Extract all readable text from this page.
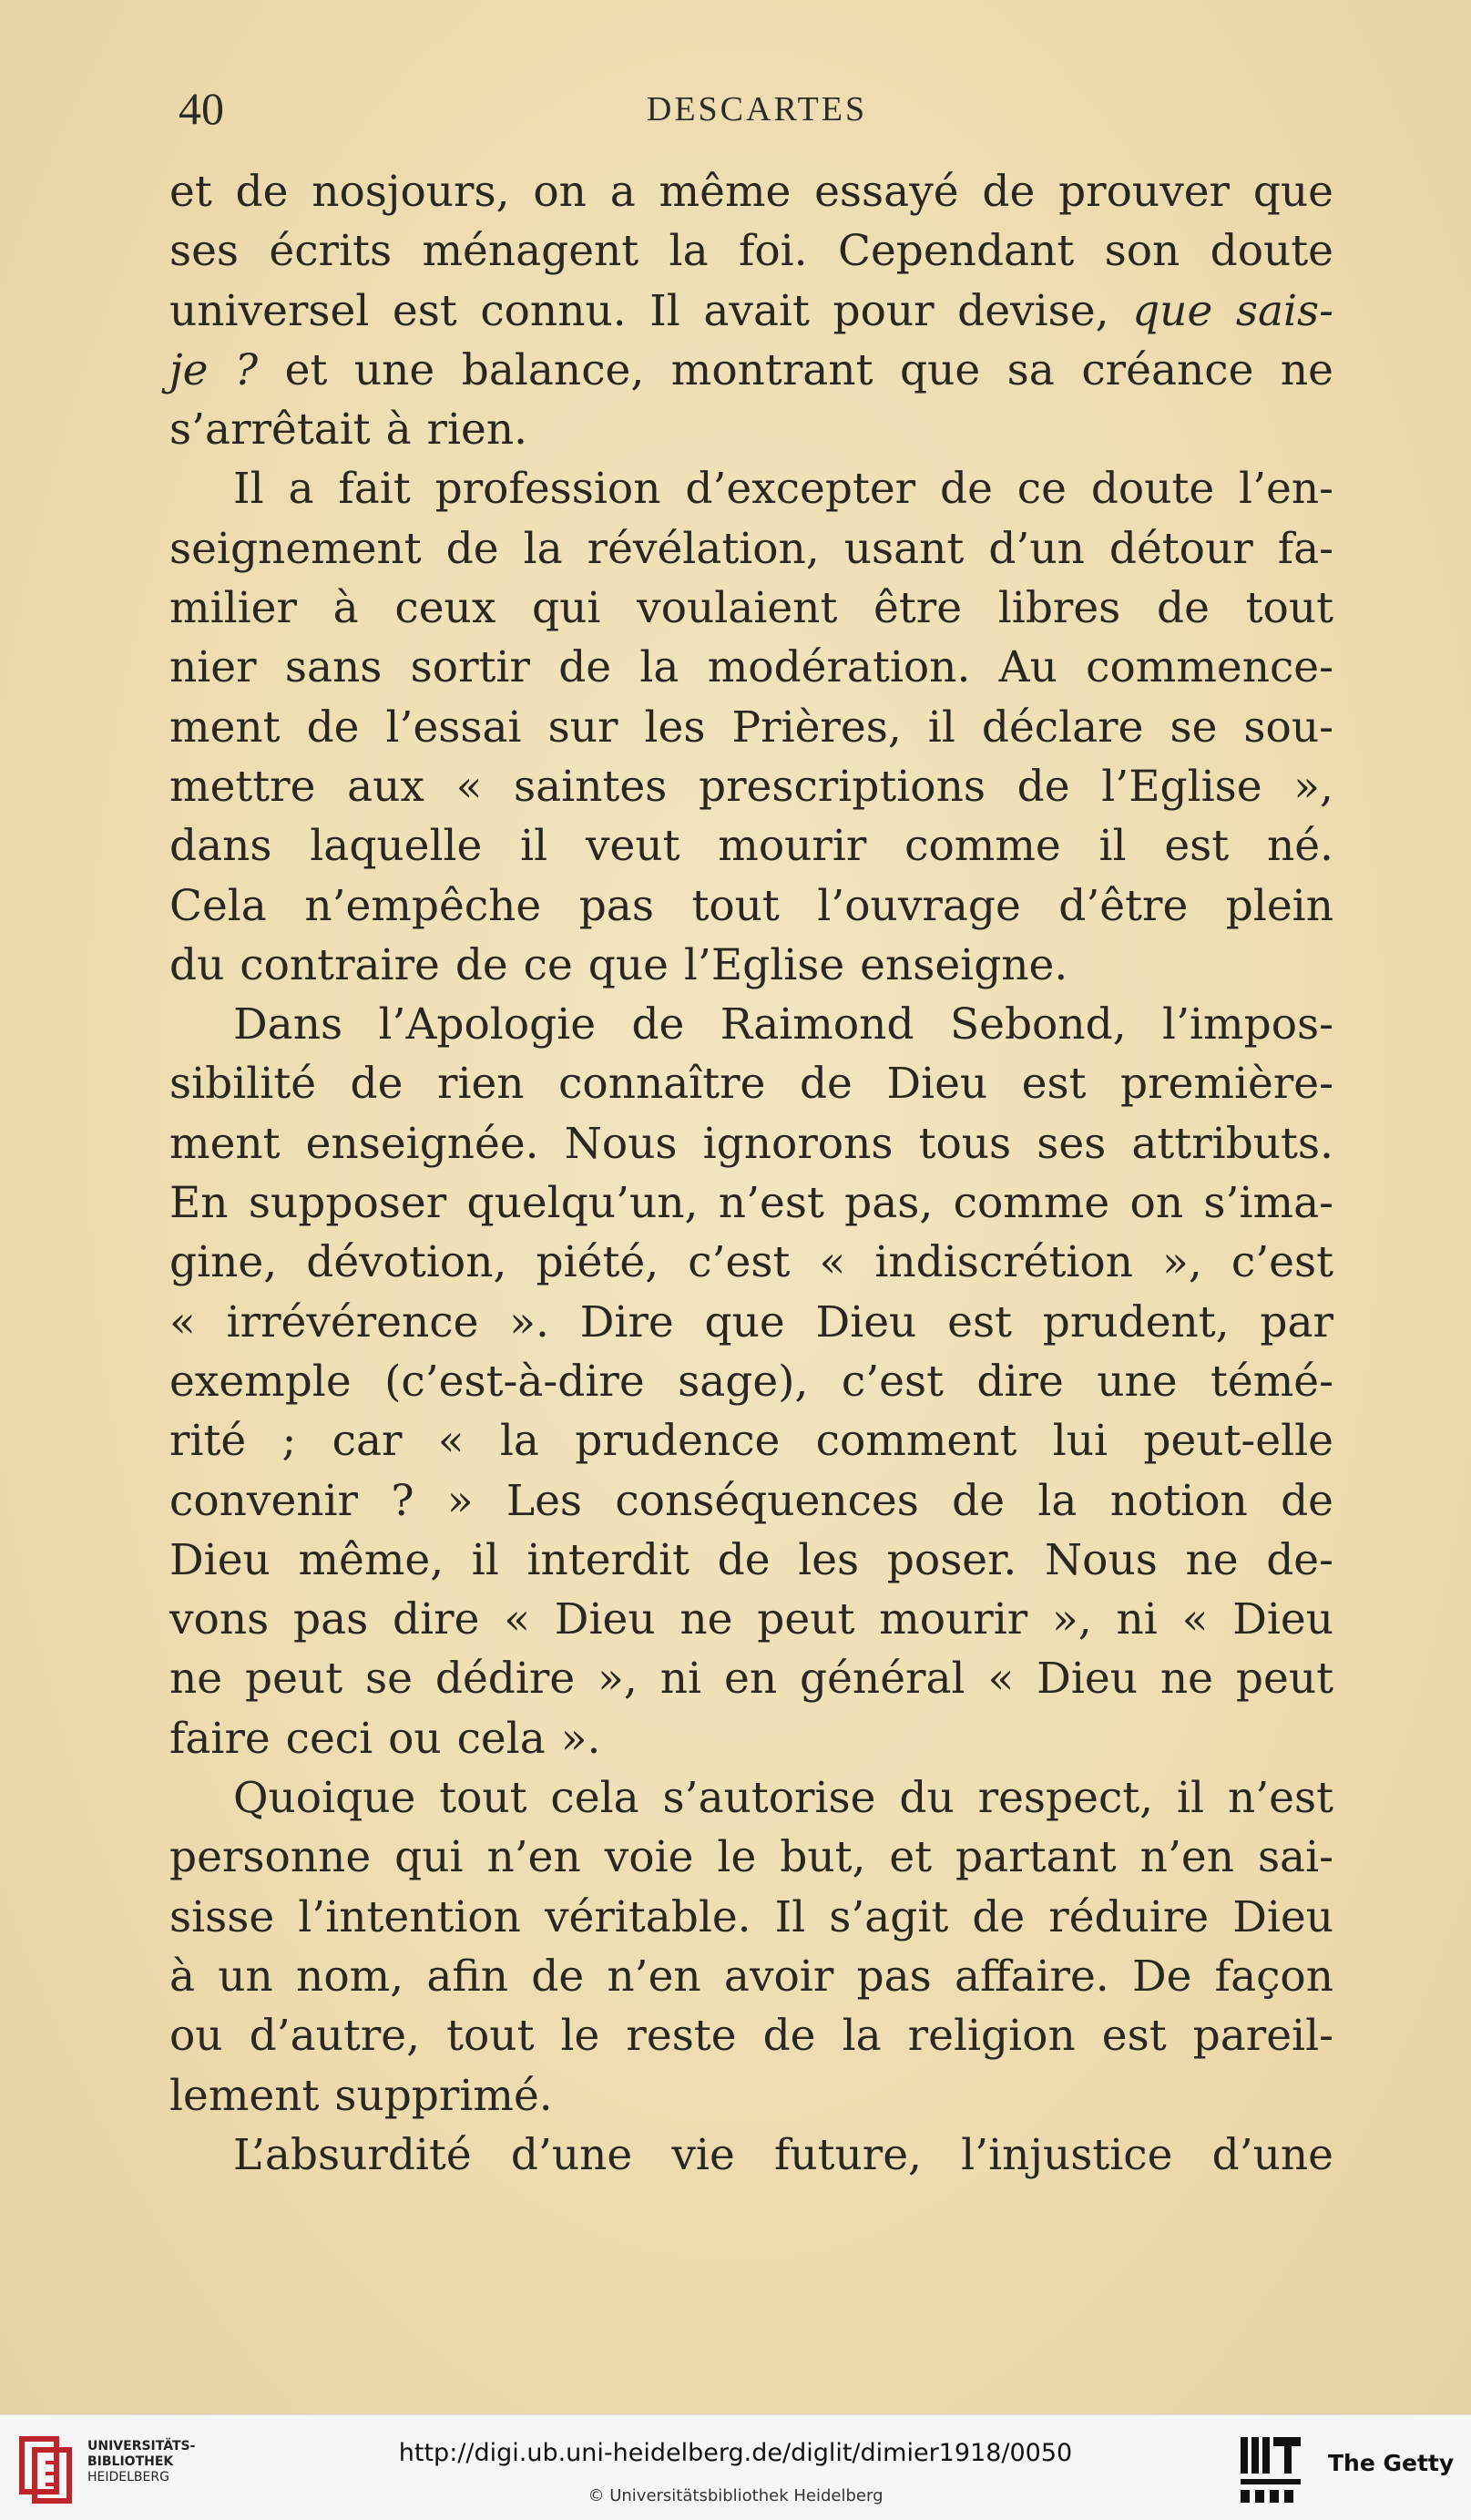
40	DESCARTES
et de nosjours, on a même essayé de prouver que
ses écrits ménagent la foi. Cependant son doute
universel est connu. Il avait pour devise, que sais-
je ? et une balance, montrant que sa créance ne
s’arrêtait à rien.
Il a fait profession d’excepter de ce doute l’en-
seignement de la révélation, usant d’un détour fa-
milier à ceux qui voulaient être libres de tout
nier sans sortir de la modération. Au commence-
ment de l’essai sur les Prières, il déclare se sou-
mettre aux « saintes prescriptions de l’Eglise »,
dans laquelle il veut mourir comme il est né.
Cela n’empêche pas tout l’ouvrage d’être plein
du contraire de ce que l’Eglise enseigne.
Dans l’Apologie de Raimond Sebond, l’impos-
sibilité de rien connaître de Dieu est première-
ment enseignée. Nous ignorons tous ses attributs.
En supposer quelqu’un, n’est pas, comme on s’ima-
gine, dévotion, piété, c’est « indiscrétion », c’est
« irrévérence ». Dire que Dieu est prudent, par
exemple (c’est-à-dire sage), c’est dire une témé-
rité ; car « la prudence comment lui peut-elle
convenir ? » Les conséquences de la notion de
Dieu même, il interdit de les poser. Nous ne de-
vons pas dire « Dieu ne peut mourir », ni « Dieu
ne peut se dédire », ni en général « Dieu ne peut
faire ceci ou cela ».
Quoique tout cela s’autorise du respect, il n’est
personne qui n’en voie le but, et partant n’en sai-
sisse l’intention véritable. Il s’agit de réduire Dieu
à un nom, afin de n’en avoir pas affaire. De façon
ou d’autre, tout le reste de la religion est pareil-
lement supprimé.
L’absurdité d’une vie future, l’injustice d’une
UNIVERSITÄTS-
BIBLIOTHEK
HEIDELBERG
http://digi.ub.uni-heidelberg.de/diglit/dimier1918/0050
© Universitätsbibliothek Heidelberg
The Getty
